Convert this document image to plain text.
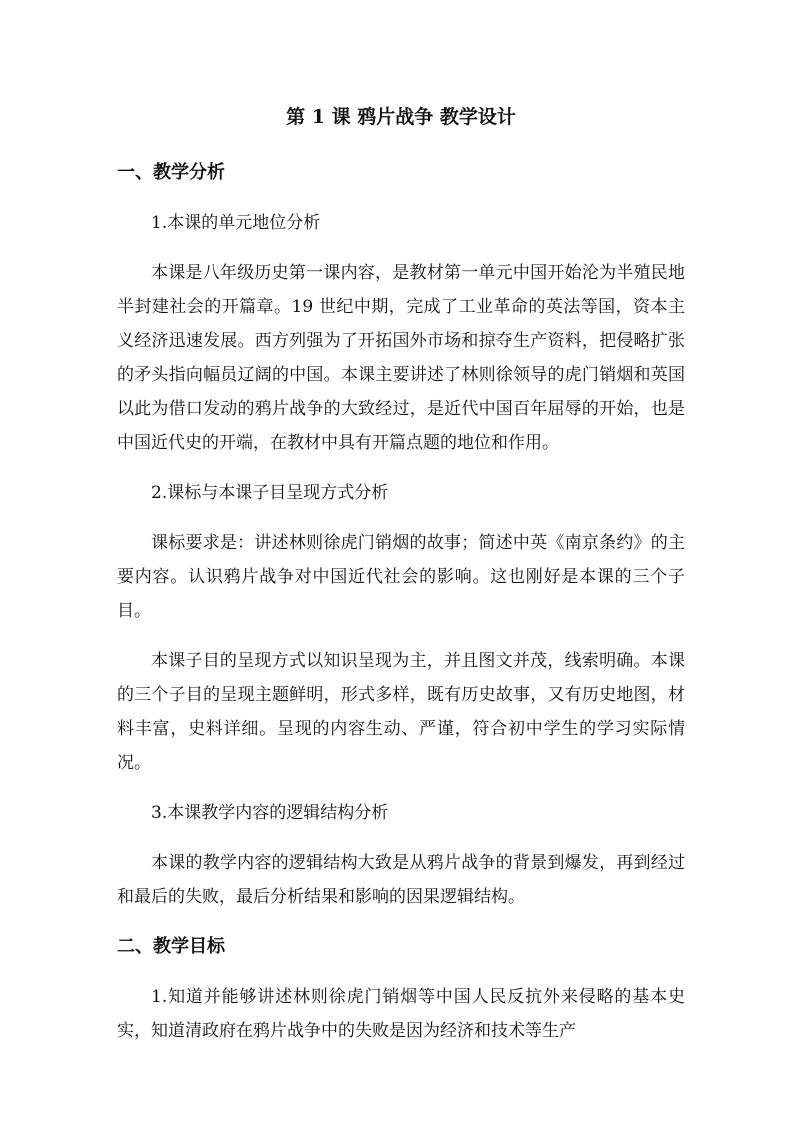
第 1 课 鸦片战争 教学设计
一、教学分析
1.本课的单元地位分析

本课是八年级历史第一课内容，是教材第一单元中国开始沦为半殖民地半封建社会的开篇章。19 世纪中期，完成了工业革命的英法等国，资本主义经济迅速发展。西方列强为了开拓国外市场和掠夺生产资料，把侵略扩张的矛头指向幅员辽阔的中国。本课主要讲述了林则徐领导的虎门销烟和英国以此为借口发动的鸦片战争的大致经过，是近代中国百年屈辱的开始，也是中国近代史的开端，在教材中具有开篇点题的地位和作用。

2.课标与本课子目呈现方式分析

课标要求是：讲述林则徐虎门销烟的故事；简述中英《南京条约》的主要内容。认识鸦片战争对中国近代社会的影响。这也刚好是本课的三个子目。

本课子目的呈现方式以知识呈现为主，并且图文并茂，线索明确。本课的三个子目的呈现主题鲜明，形式多样，既有历史故事，又有历史地图，材料丰富，史料详细。呈现的内容生动、严谨，符合初中学生的学习实际情况。

3.本课教学内容的逻辑结构分析

本课的教学内容的逻辑结构大致是从鸦片战争的背景到爆发，再到经过和最后的失败，最后分析结果和影响的因果逻辑结构。

二、教学目标

1.知道并能够讲述林则徐虎门销烟等中国人民反抗外来侵略的基本史实，知道清政府在鸦片战争中的失败是因为经济和技术等生产
